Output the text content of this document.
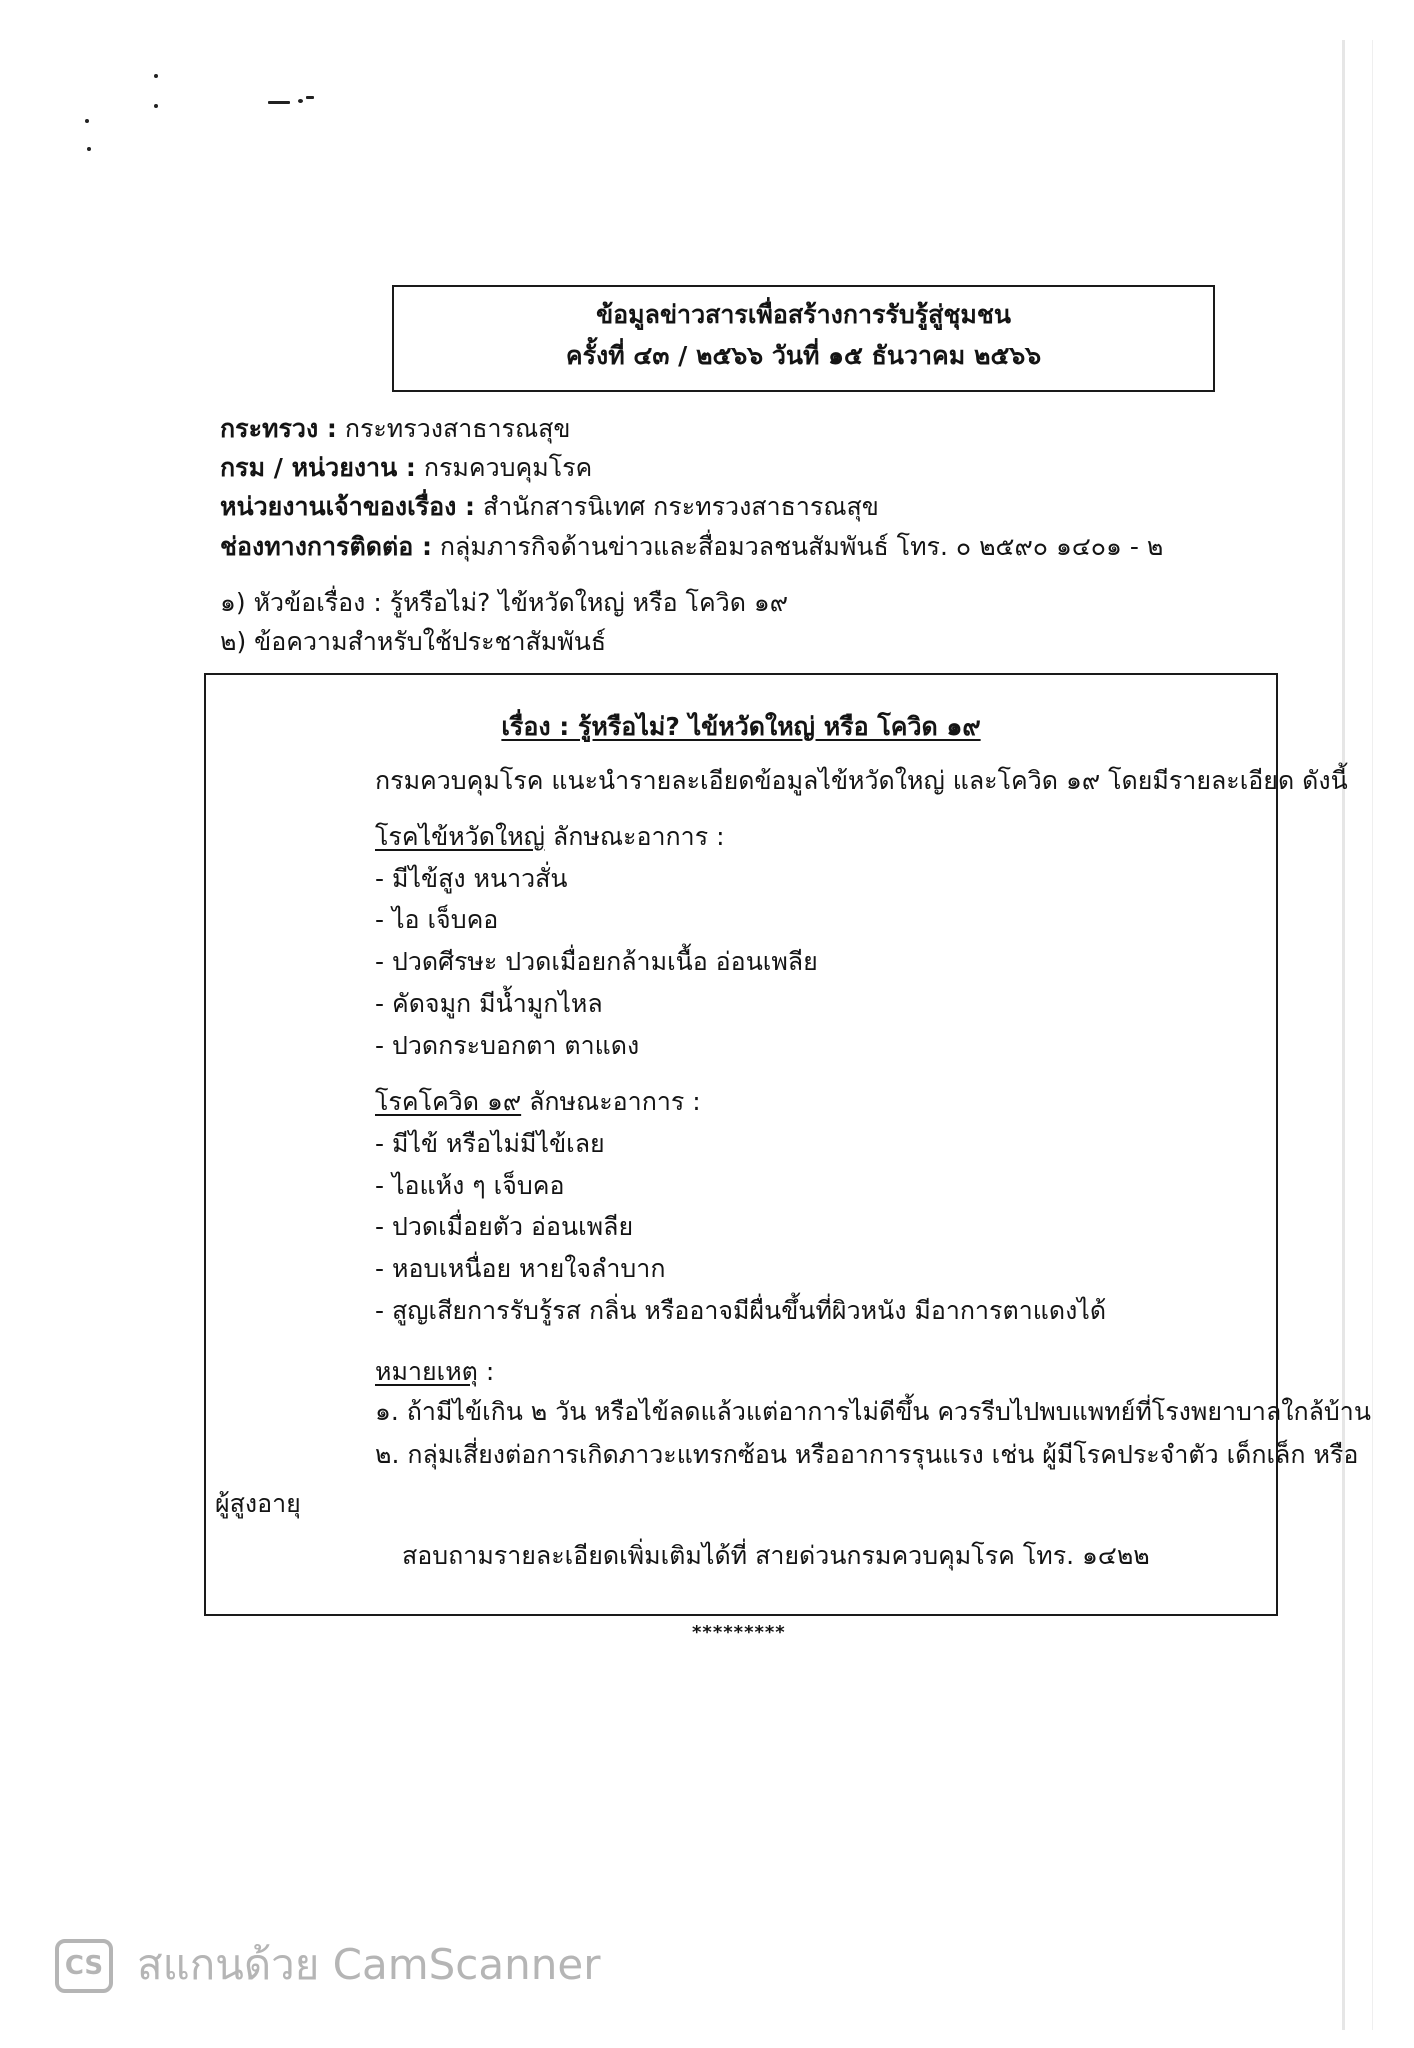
ข้อมูลข่าวสารเพื่อสร้างการรับรู้สู่ชุมชน
ครั้งที่ ๔๓ / ๒๕๖๖ วันที่ ๑๕ ธันวาคม ๒๕๖๖
กระทรวง : กระทรวงสาธารณสุข
กรม / หน่วยงาน : กรมควบคุมโรค
หน่วยงานเจ้าของเรื่อง : สำนักสารนิเทศ กระทรวงสาธารณสุข
ช่องทางการติดต่อ : กลุ่มภารกิจด้านข่าวและสื่อมวลชนสัมพันธ์ โทร. ๐ ๒๕๙๐ ๑๔๐๑ - ๒
๑) หัวข้อเรื่อง : รู้หรือไม่? ไข้หวัดใหญ่ หรือ โควิด ๑๙
๒) ข้อความสำหรับใช้ประชาสัมพันธ์
เรื่อง : รู้หรือไม่? ไข้หวัดใหญ่ หรือ โควิด ๑๙
กรมควบคุมโรค แนะนำรายละเอียดข้อมูลไข้หวัดใหญ่ และโควิด ๑๙ โดยมีรายละเอียด ดังนี้
โรคไข้หวัดใหญ่ ลักษณะอาการ :
- มีไข้สูง หนาวสั่น
- ไอ เจ็บคอ
- ปวดศีรษะ ปวดเมื่อยกล้ามเนื้อ อ่อนเพลีย
- คัดจมูก มีน้ำมูกไหล
- ปวดกระบอกตา ตาแดง
โรคโควิด ๑๙ ลักษณะอาการ :
- มีไข้ หรือไม่มีไข้เลย
- ไอแห้ง ๆ เจ็บคอ
- ปวดเมื่อยตัว อ่อนเพลีย
- หอบเหนื่อย หายใจลำบาก
- สูญเสียการรับรู้รส กลิ่น หรืออาจมีผื่นขึ้นที่ผิวหนัง มีอาการตาแดงได้
หมายเหตุ :
๑. ถ้ามีไข้เกิน ๒ วัน หรือไข้ลดแล้วแต่อาการไม่ดีขึ้น ควรรีบไปพบแพทย์ที่โรงพยาบาลใกล้บ้าน
๒. กลุ่มเสี่ยงต่อการเกิดภาวะแทรกซ้อน หรืออาการรุนแรง เช่น ผู้มีโรคประจำตัว เด็กเล็ก หรือ
ผู้สูงอายุ
สอบถามรายละเอียดเพิ่มเติมได้ที่ สายด่วนกรมควบคุมโรค โทร. ๑๔๒๒
*********
CS สแกนด้วย CamScanner
